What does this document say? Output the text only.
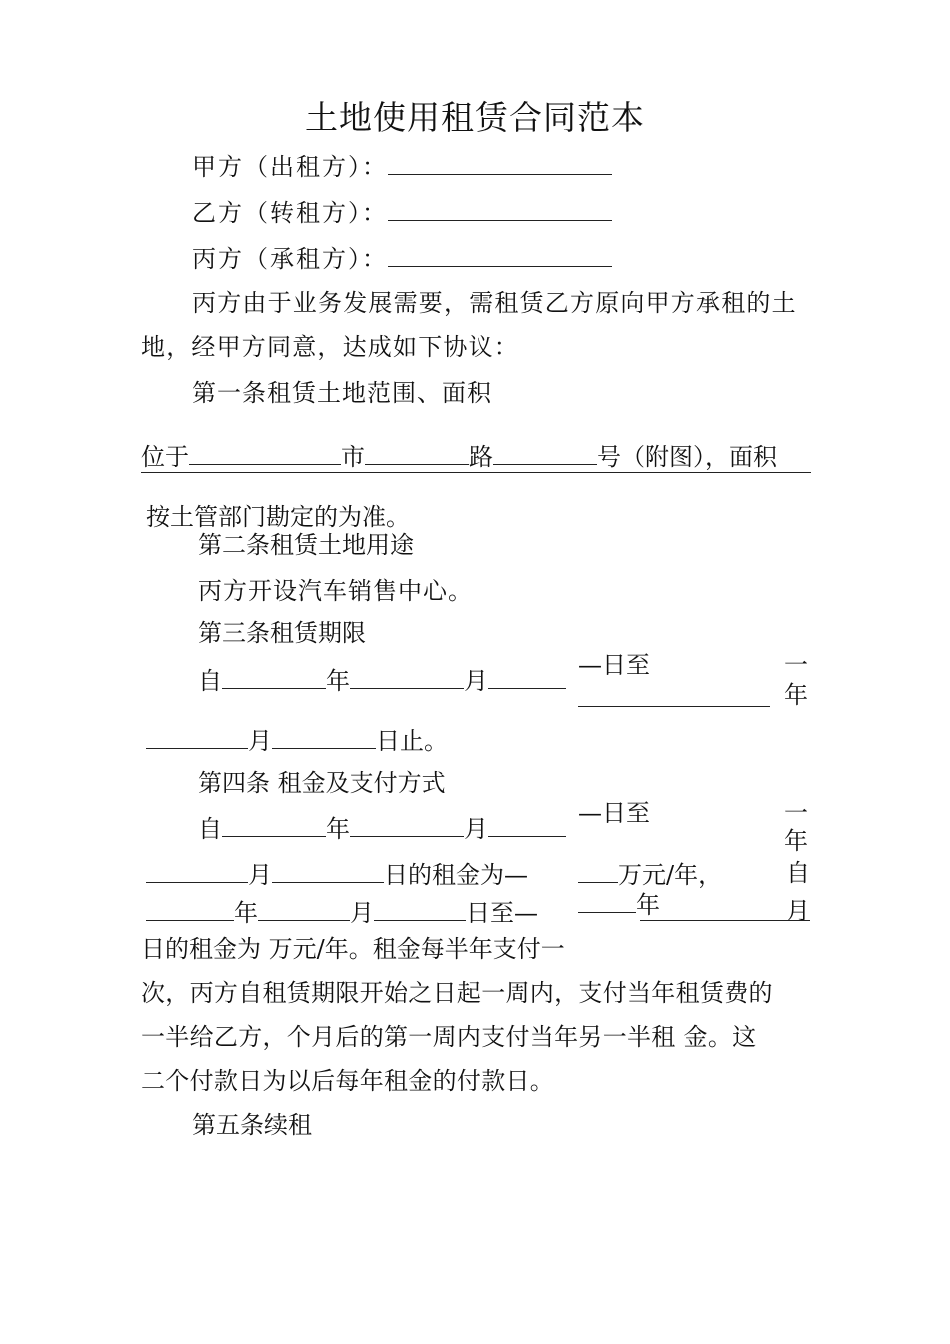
土地使用租赁合同范本
甲方（出租方）：
乙方（转租方）：
丙方（承租方）：
丙方由于业务发展需要，需租赁乙方原向甲方承租的土
地，经甲方同意，达成如下协议：
第一条租赁土地范围、面积
位于	市	路	号（附图），面积
按土管部门勘定的为准。
第二条租赁土地用途
丙方开设汽车销售中心。
第三条租赁期限
自	年	月
—日至	一
年
月	日止。
第四条 租金及支付方式
自	年	月
—日至	一
年
月	日的租金为—	万元/年，	自
年	月	日至—	年	月
日的租金为 万元/年。租金每半年支付一
次，丙方自租赁期限开始之日起一周内，支付当年租赁费的
一半给乙方，个月后的第一周内支付当年另一半租 金。这
二个付款日为以后每年租金的付款日。
第五条续租
